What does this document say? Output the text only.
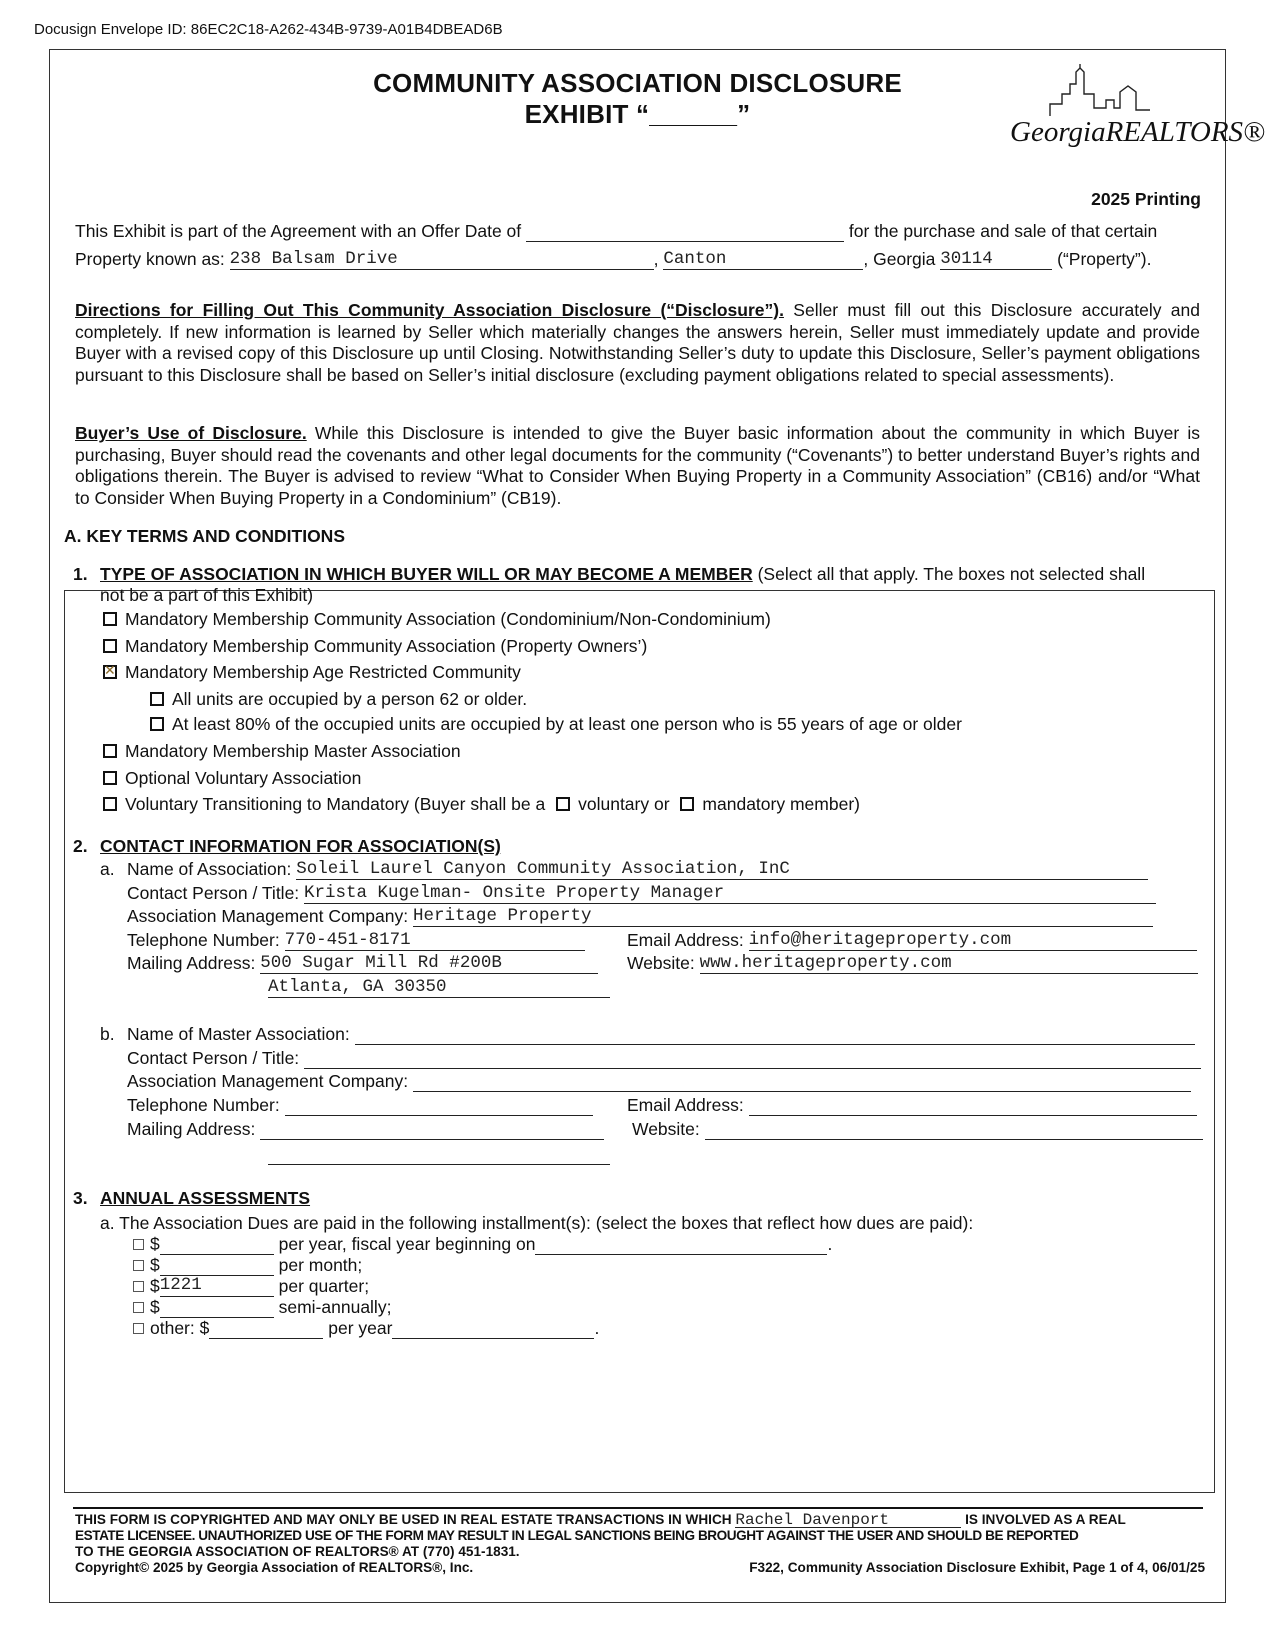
Docusign Envelope ID: 86EC2C18-A262-434B-9739-A01B4DBEAD6B
COMMUNITY ASSOCIATION DISCLOSURE
EXHIBIT “______”
GeorgiaREALTORS®
2025 Printing
This Exhibit is part of the Agreement with an Offer Date of	for the purchase and sale of that certain
Property known as: 238 Balsam Drive	, Canton	, Georgia 30114	(“Property”).
Directions for Filling Out This Community Association Disclosure (“Disclosure”). Seller must fill out this Disclosure accurately and completely. If new information is learned by Seller which materially changes the answers herein, Seller must immediately update and provide Buyer with a revised copy of this Disclosure up until Closing. Notwithstanding Seller’s duty to update this Disclosure, Seller’s payment obligations pursuant to this Disclosure shall be based on Seller’s initial disclosure (excluding payment obligations related to special assessments).
Buyer’s Use of Disclosure. While this Disclosure is intended to give the Buyer basic information about the community in which Buyer is purchasing, Buyer should read the covenants and other legal documents for the community (“Covenants”) to better understand Buyer’s rights and obligations therein. The Buyer is advised to review “What to Consider When Buying Property in a Community Association” (CB16) and/or “What to Consider When Buying Property in a Condominium” (CB19).
A. KEY TERMS AND CONDITIONS
1. TYPE OF ASSOCIATION IN WHICH BUYER WILL OR MAY BECOME A MEMBER (Select all that apply. The boxes not selected shall
not be a part of this Exhibit)
Mandatory Membership Community Association (Condominium/Non-Condominium)
Mandatory Membership Community Association (Property Owners’)
✕Mandatory Membership Age Restricted Community
All units are occupied by a person 62 or older.
At least 80% of the occupied units are occupied by at least one person who is 55 years of age or older
Mandatory Membership Master Association
Optional Voluntary Association
Voluntary Transitioning to Mandatory (Buyer shall be a voluntary or mandatory member)
2. CONTACT INFORMATION FOR ASSOCIATION(S)
a. Name of Association: Soleil Laurel Canyon Community Association, InC
Contact Person / Title: Krista Kugelman- Onsite Property Manager
Association Management Company: Heritage Property
Telephone Number: 770-451-8171	Email Address: info@heritageproperty.com
Mailing Address: 500 Sugar Mill Rd #200B
Atlanta, GA 30350
Website: www.heritageproperty.com
b. Name of Master Association:
Contact Person / Title:
Association Management Company:
Telephone Number:	Email Address:
Mailing Address:	Website:
3. ANNUAL ASSESSMENTS
a. The Association Dues are paid in the following installment(s): (select the boxes that reflect how dues are paid):
$	per year, fiscal year beginning on	.
$	per month;
$1221	per quarter;
$	semi-annually;
other: $	per year	.
THIS FORM IS COPYRIGHTED AND MAY ONLY BE USED IN REAL ESTATE TRANSACTIONS IN WHICH Rachel Davenport	IS INVOLVED AS A REAL
ESTATE LICENSEE. UNAUTHORIZED USE OF THE FORM MAY RESULT IN LEGAL SANCTIONS BEING BROUGHT AGAINST THE USER AND SHOULD BE REPORTED
TO THE GEORGIA ASSOCIATION OF REALTORS® AT (770) 451-1831.
Copyright© 2025 by Georgia Association of REALTORS®, Inc.	F322, Community Association Disclosure Exhibit, Page 1 of 4, 06/01/25
